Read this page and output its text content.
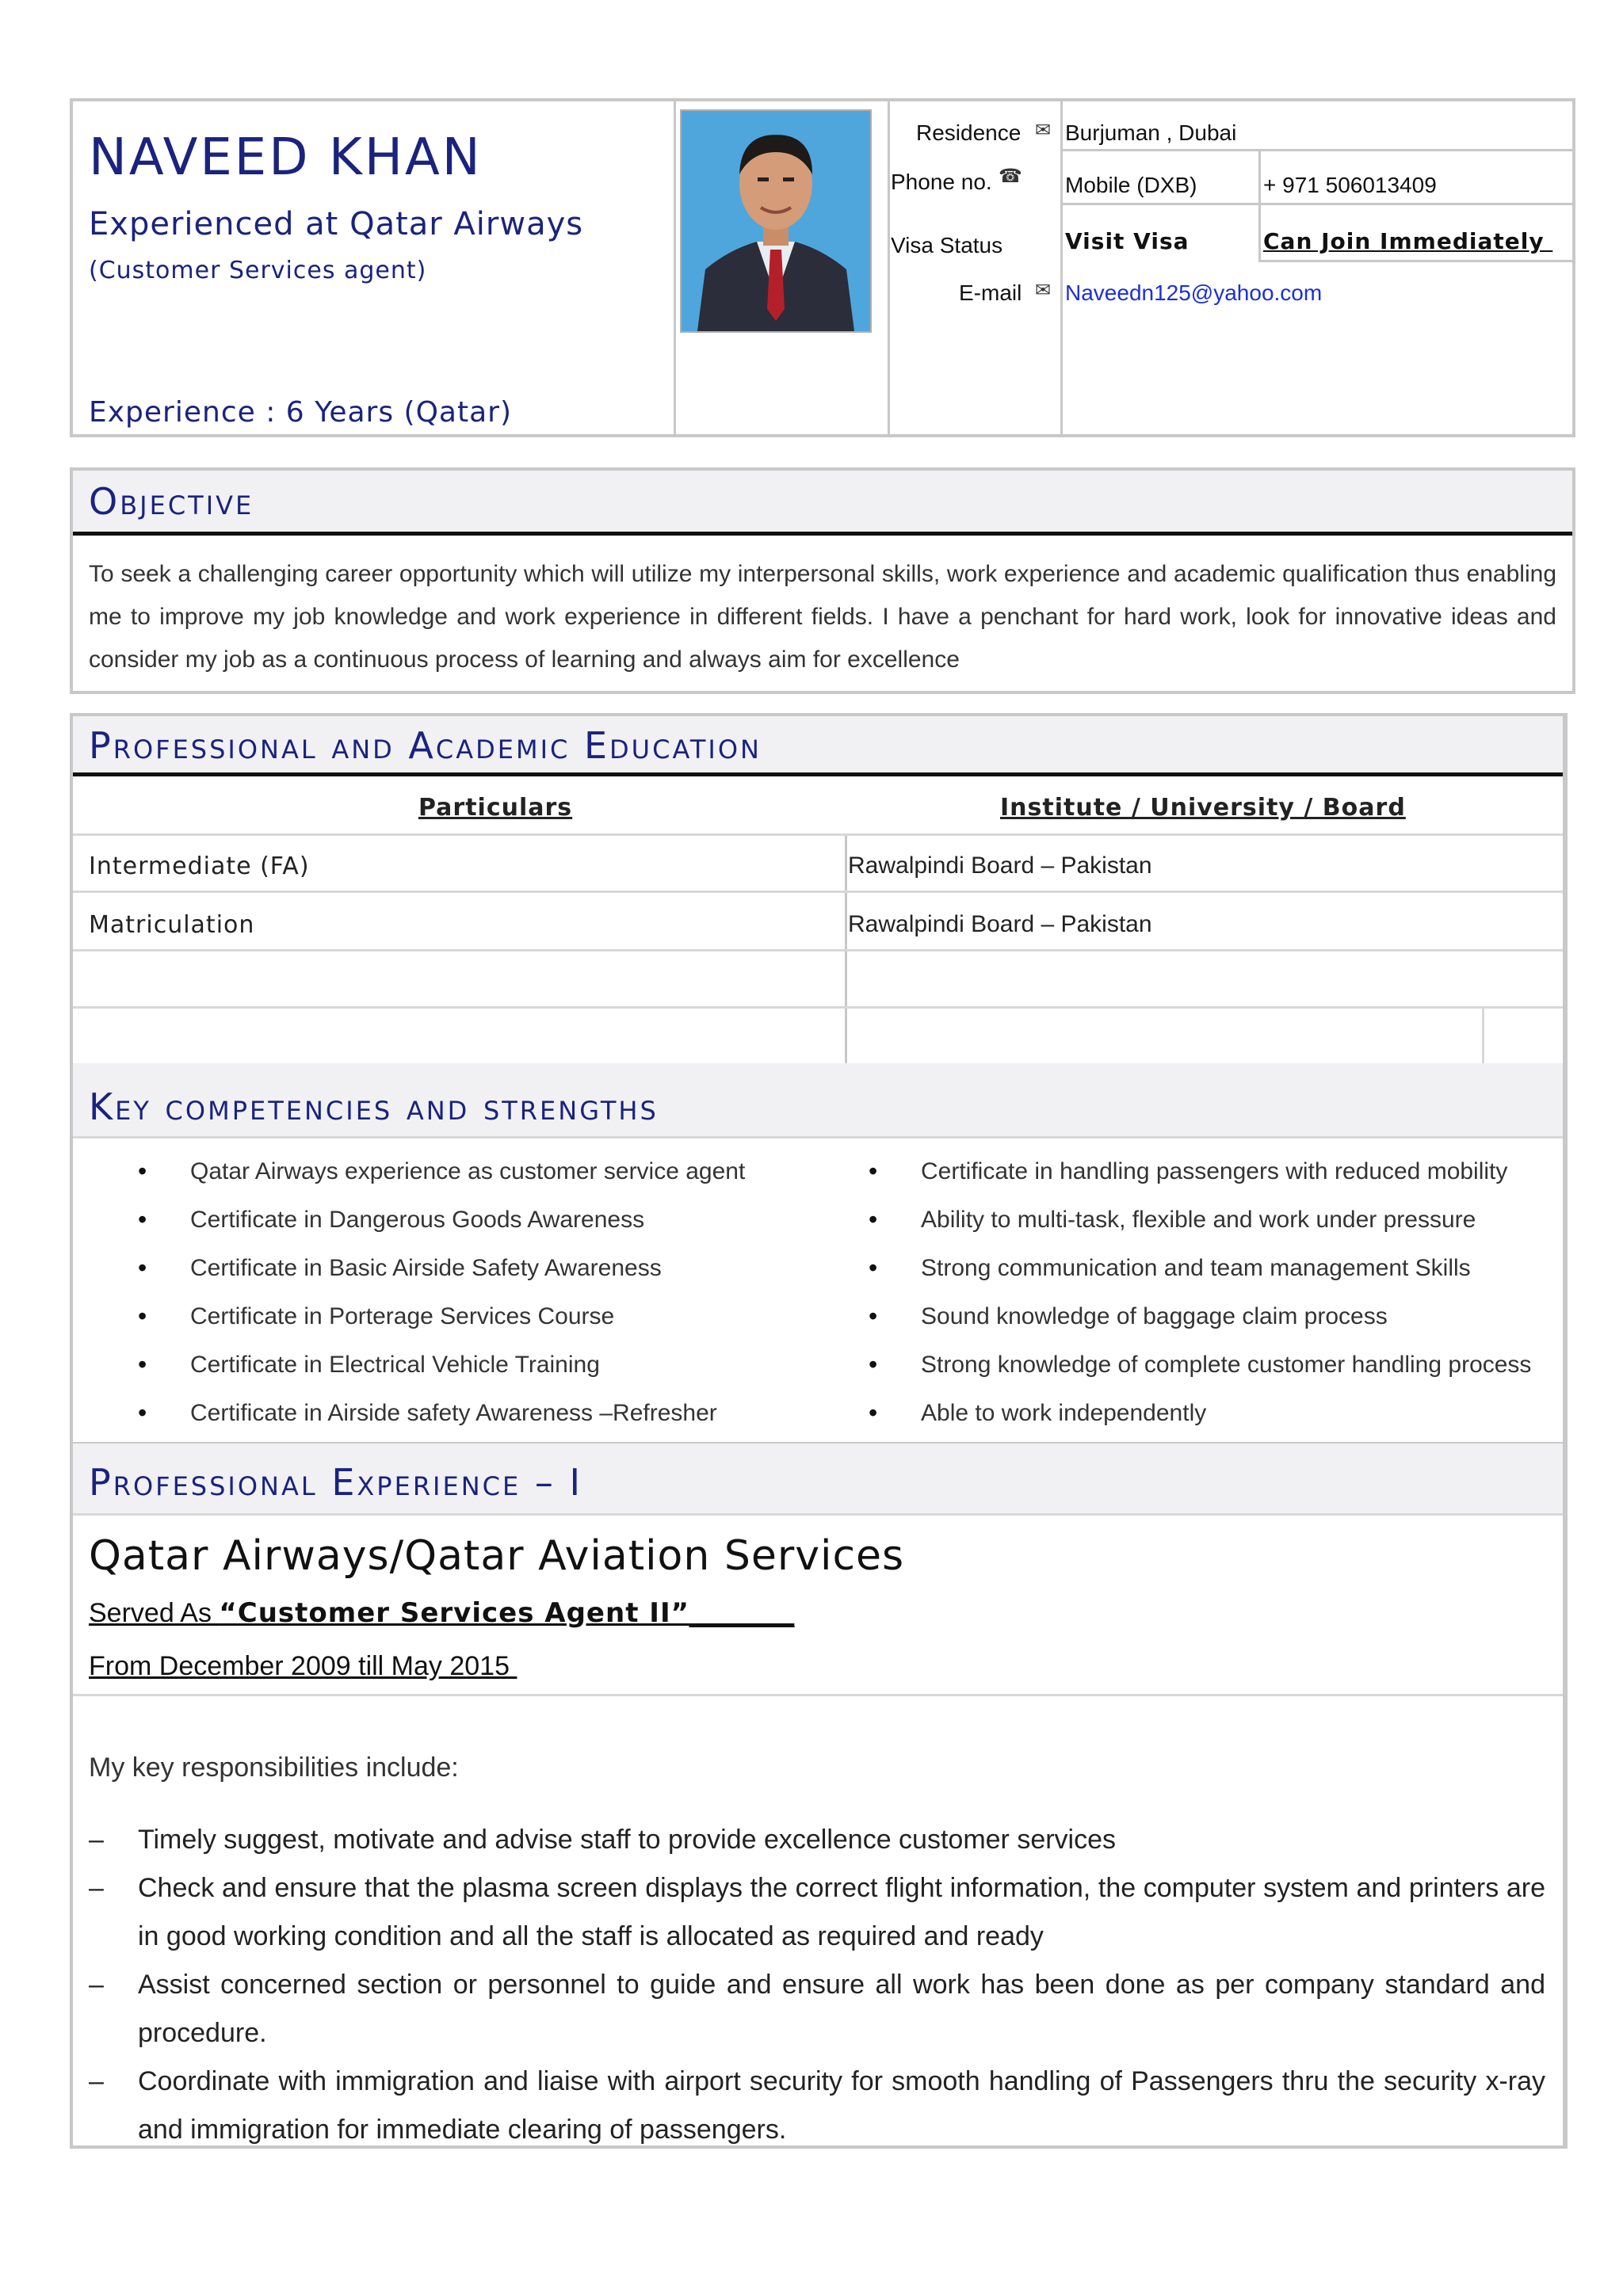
NAVEED KHAN
Experienced at Qatar Airways
(Customer Services agent)
Experience : 6 Years (Qatar)
Residence ✉ Burjuman , Dubai
Phone no. ☎ Mobile (DXB)	+ 971 506013409
Visa Status	Visit Visa	Can Join Immediately
E-mail ✉ Naveedn125@yahoo.com
Objective
To seek a challenging career opportunity which will utilize my interpersonal skills, work experience and academic qualification thus enabling me to improve my job knowledge and work experience in different fields. I have a penchant for hard work, look for innovative ideas and consider my job as a continuous process of learning and always aim for excellence
Professional and Academic Education
Particulars	Institute / University / Board
Intermediate (FA)	Rawalpindi Board – Pakistan
Matriculation	Rawalpindi Board – Pakistan
Key competencies and strengths
• Qatar Airways experience as customer service agent
• Certificate in Dangerous Goods Awareness
• Certificate in Basic Airside Safety Awareness
• Certificate in Porterage Services Course
• Certificate in Electrical Vehicle Training
• Certificate in Airside safety Awareness –Refresher
• Certificate in handling passengers with reduced mobility
• Ability to multi-task, flexible and work under pressure
• Strong communication and team management Skills
• Sound knowledge of baggage claim process
• Strong knowledge of complete customer handling process
• Able to work independently
Professional Experience – I
Qatar Airways/Qatar Aviation Services
Served As “Customer Services Agent II”_______
From December 2009 till May 2015
My key responsibilities include:
– Timely suggest, motivate and advise staff to provide excellence customer services
– Check and ensure that the plasma screen displays the correct flight information, the computer system and printers are in good working condition and all the staff is allocated as required and ready
– Assist concerned section or personnel to guide and ensure all work has been done as per company standard and procedure.
– Coordinate with immigration and liaise with airport security for smooth handling of Passengers thru the security x-ray and immigration for immediate clearing of passengers.
